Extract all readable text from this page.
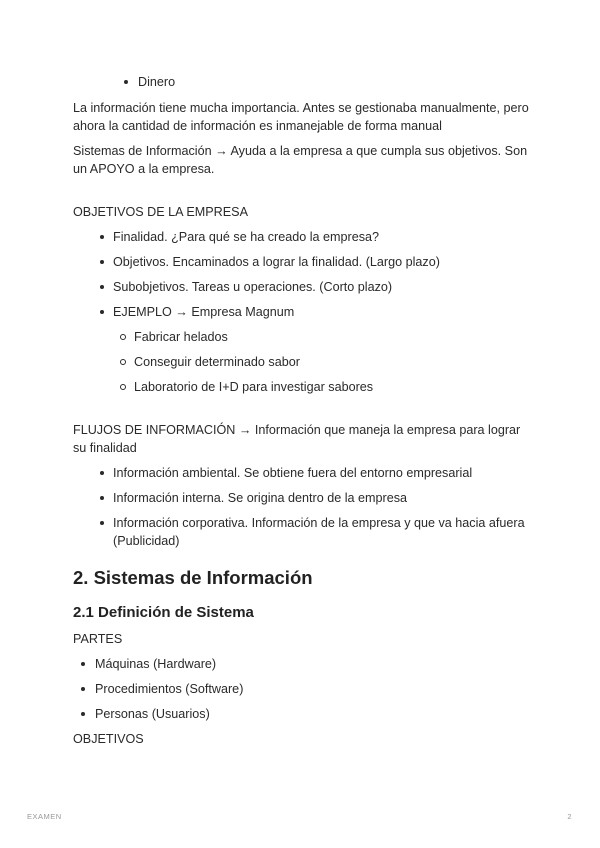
Dinero

La información tiene mucha importancia. Antes se gestionaba manualmente, pero ahora la cantidad de información es inmanejable de forma manual

Sistemas de Información → Ayuda a la empresa a que cumpla sus objetivos. Son un APOYO a la empresa.

OBJETIVOS DE LA EMPRESA

Finalidad. ¿Para qué se ha creado la empresa?
Objetivos. Encaminados a lograr la finalidad. (Largo plazo)
Subobjetivos. Tareas u operaciones. (Corto plazo)
EJEMPLO → Empresa Magnum
Fabricar helados
Conseguir determinado sabor
Laboratorio de I+D para investigar sabores

FLUJOS DE INFORMACIÓN → Información que maneja la empresa para lograr su finalidad

Información ambiental. Se obtiene fuera del entorno empresarial
Información interna. Se origina dentro de la empresa
Información corporativa. Información de la empresa y que va hacia afuera (Publicidad)
2. Sistemas de Información
2.1 Definición de Sistema

PARTES

Máquinas (Hardware)
Procedimientos (Software)
Personas (Usuarios)

OBJETIVOS

EXAMEN	2
